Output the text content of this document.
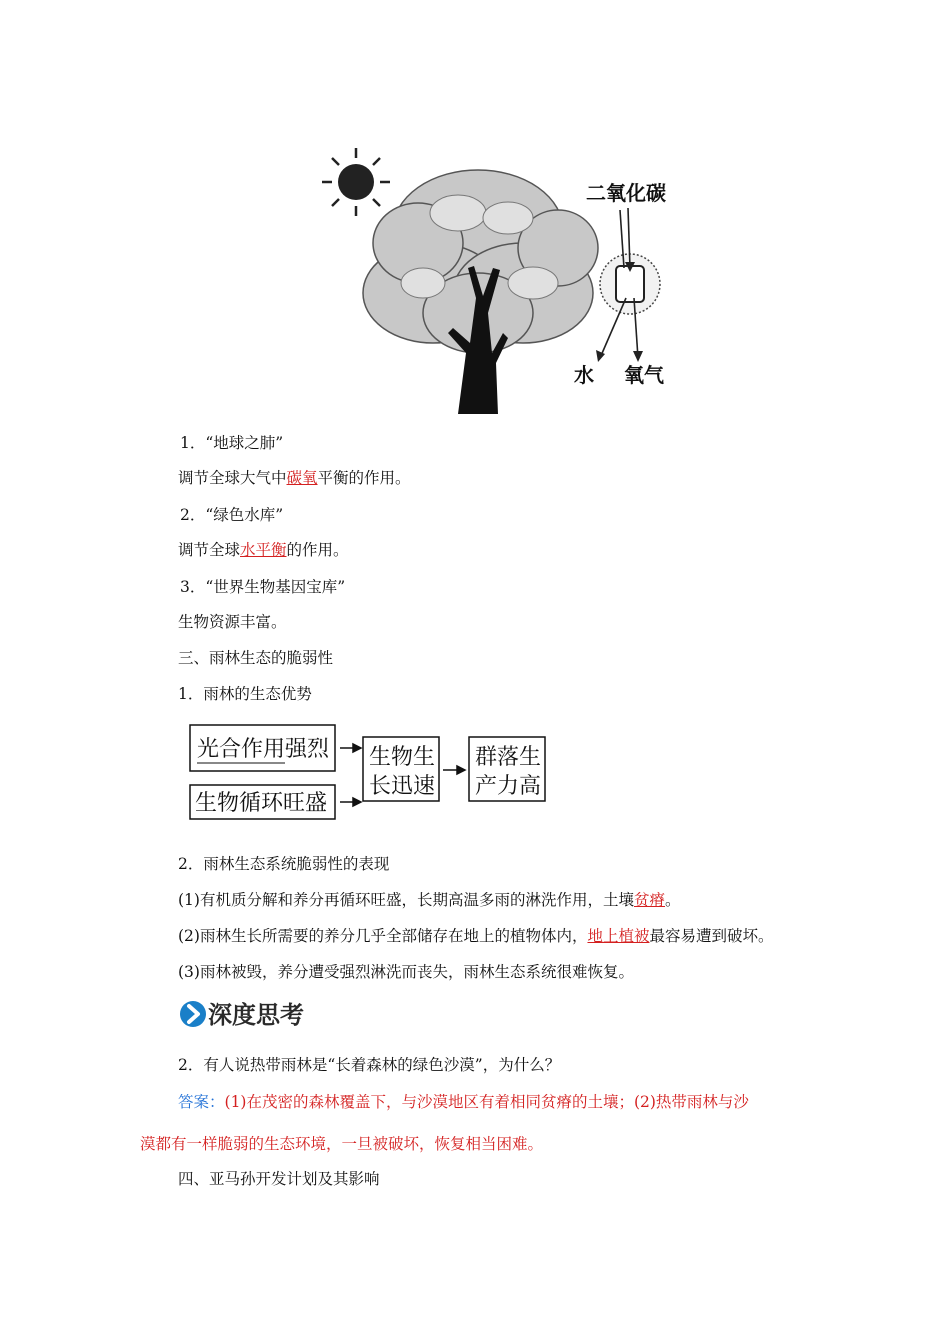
二氧化碳
水 氧气
1．“地球之肺”
调节全球大气中碳氧平衡的作用。
2．“绿色水库”
调节全球水平衡的作用。
3．“世界生物基因宝库”
生物资源丰富。
三、雨林生态的脆弱性
1．雨林的生态优势
光合作用强烈
生物循环旺盛
生物生
长迅速
群落生
产力高
2．雨林生态系统脆弱性的表现
(1)有机质分解和养分再循环旺盛，长期高温多雨的淋洗作用，土壤贫瘠。
(2)雨林生长所需要的养分几乎全部储存在地上的植物体内，地上植被最容易遭到破坏。
(3)雨林被毁，养分遭受强烈淋洗而丧失，雨林生态系统很难恢复。
深度思考
2．有人说热带雨林是“长着森林的绿色沙漠”，为什么？
答案：(1)在茂密的森林覆盖下，与沙漠地区有着相同贫瘠的土壤；(2)热带雨林与沙
漠都有一样脆弱的生态环境，一旦被破坏，恢复相当困难。
四、亚马孙开发计划及其影响
